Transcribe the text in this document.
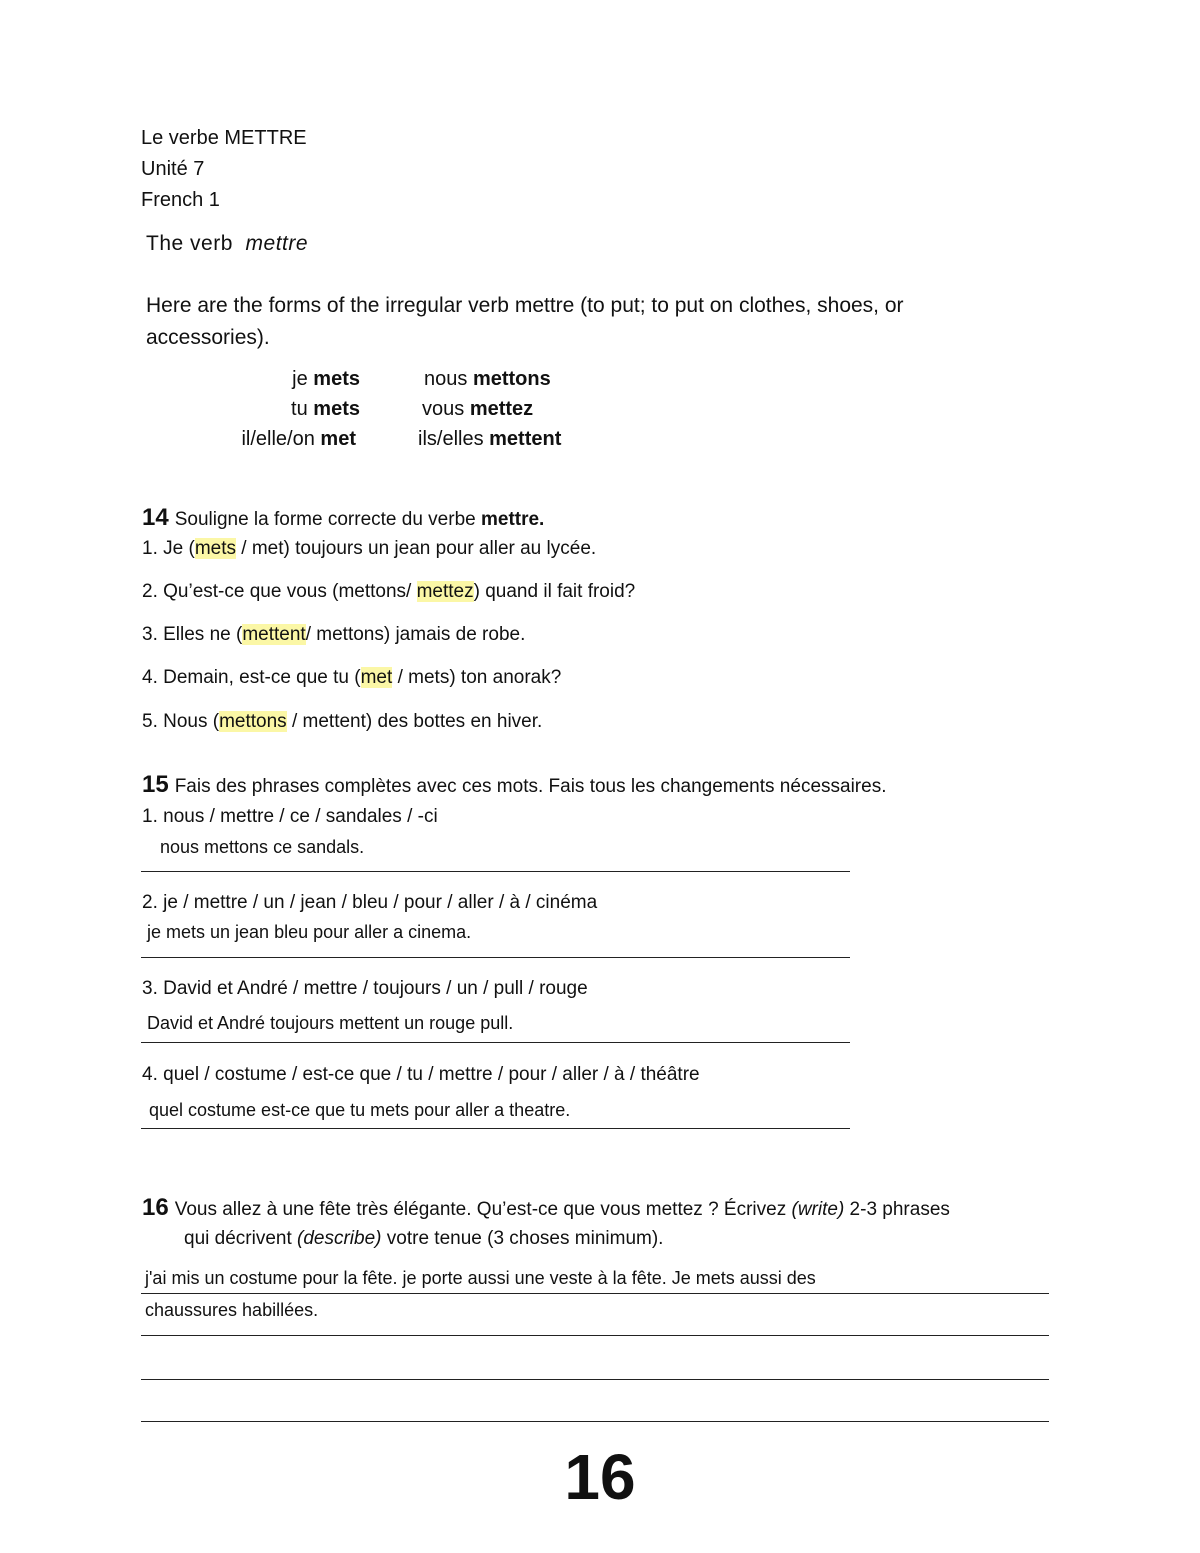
Le verbe METTRE
Unité 7
French 1
The verb mettre
Here are the forms of the irregular verb mettre (to put; to put on clothes, shoes, or accessories).
je mets
tu mets
il/elle/on met
nous mettons
vous mettez
ils/elles mettent
14 Souligne la forme correcte du verbe mettre.
1. Je (mets / met) toujours un jean pour aller au lycée.
2. Qu’est-ce que vous (mettons/ mettez) quand il fait froid?
3. Elles ne (mettent/ mettons) jamais de robe.
4. Demain, est-ce que tu (met / mets) ton anorak?
5. Nous (mettons / mettent) des bottes en hiver.
15 Fais des phrases complètes avec ces mots. Fais tous les changements nécessaires.
1. nous / mettre / ce / sandales / -ci
nous mettons ce sandals.
2. je / mettre / un / jean / bleu / pour / aller / à / cinéma
je mets un jean bleu pour aller a cinema.
3. David et André / mettre / toujours / un / pull / rouge
David et André toujours mettent un rouge pull.
4. quel / costume / est-ce que / tu / mettre / pour / aller / à / théâtre
quel costume est-ce que tu mets pour aller a theatre.
16 Vous allez à une fête très élégante. Qu’est-ce que vous mettez ? Écrivez (write) 2-3 phrases
qui décrivent (describe) votre tenue (3 choses minimum).
j'ai mis un costume pour la fête. je porte aussi une veste à la fête. Je mets aussi des
chaussures habillées.
16
